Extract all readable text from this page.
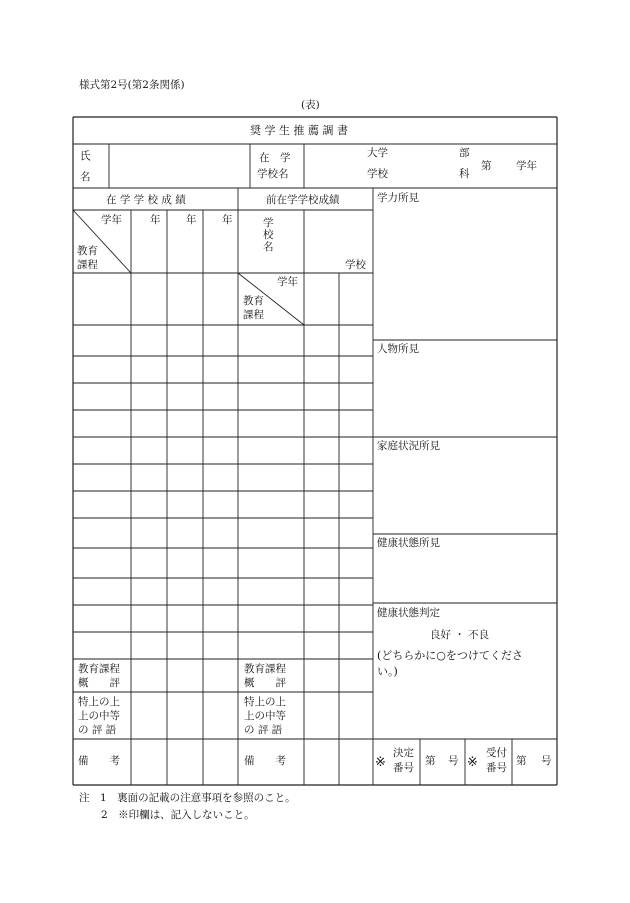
様式第2号(第2条関係)
(表)
奨 学 生 推 薦 調 書
氏
名
在　学
学校名
大学	部
学校	科
第 学年
在 学 学 校 成 績
学年
教育
課程
年 年 年
前在学学校成績
学
校
名
学校
学年
教育
課程
教育課程
概　　評
特上の上
上の中等
の 評 語
備　　考
教育課程
概　　評
特上の上
上の中等
の 評 語
備　　考
学力所見
人物所見
家庭状況所見
健康状態所見
健康状態判定
良好 ・ 不良
(どちらかに○をつけてくださ
い。)
※
決定
番号
第 号 ※
受付
番号
第 号
注　1　裏面の記載の注意事項を参照のこと。
2　※印欄は、記入しないこと。
